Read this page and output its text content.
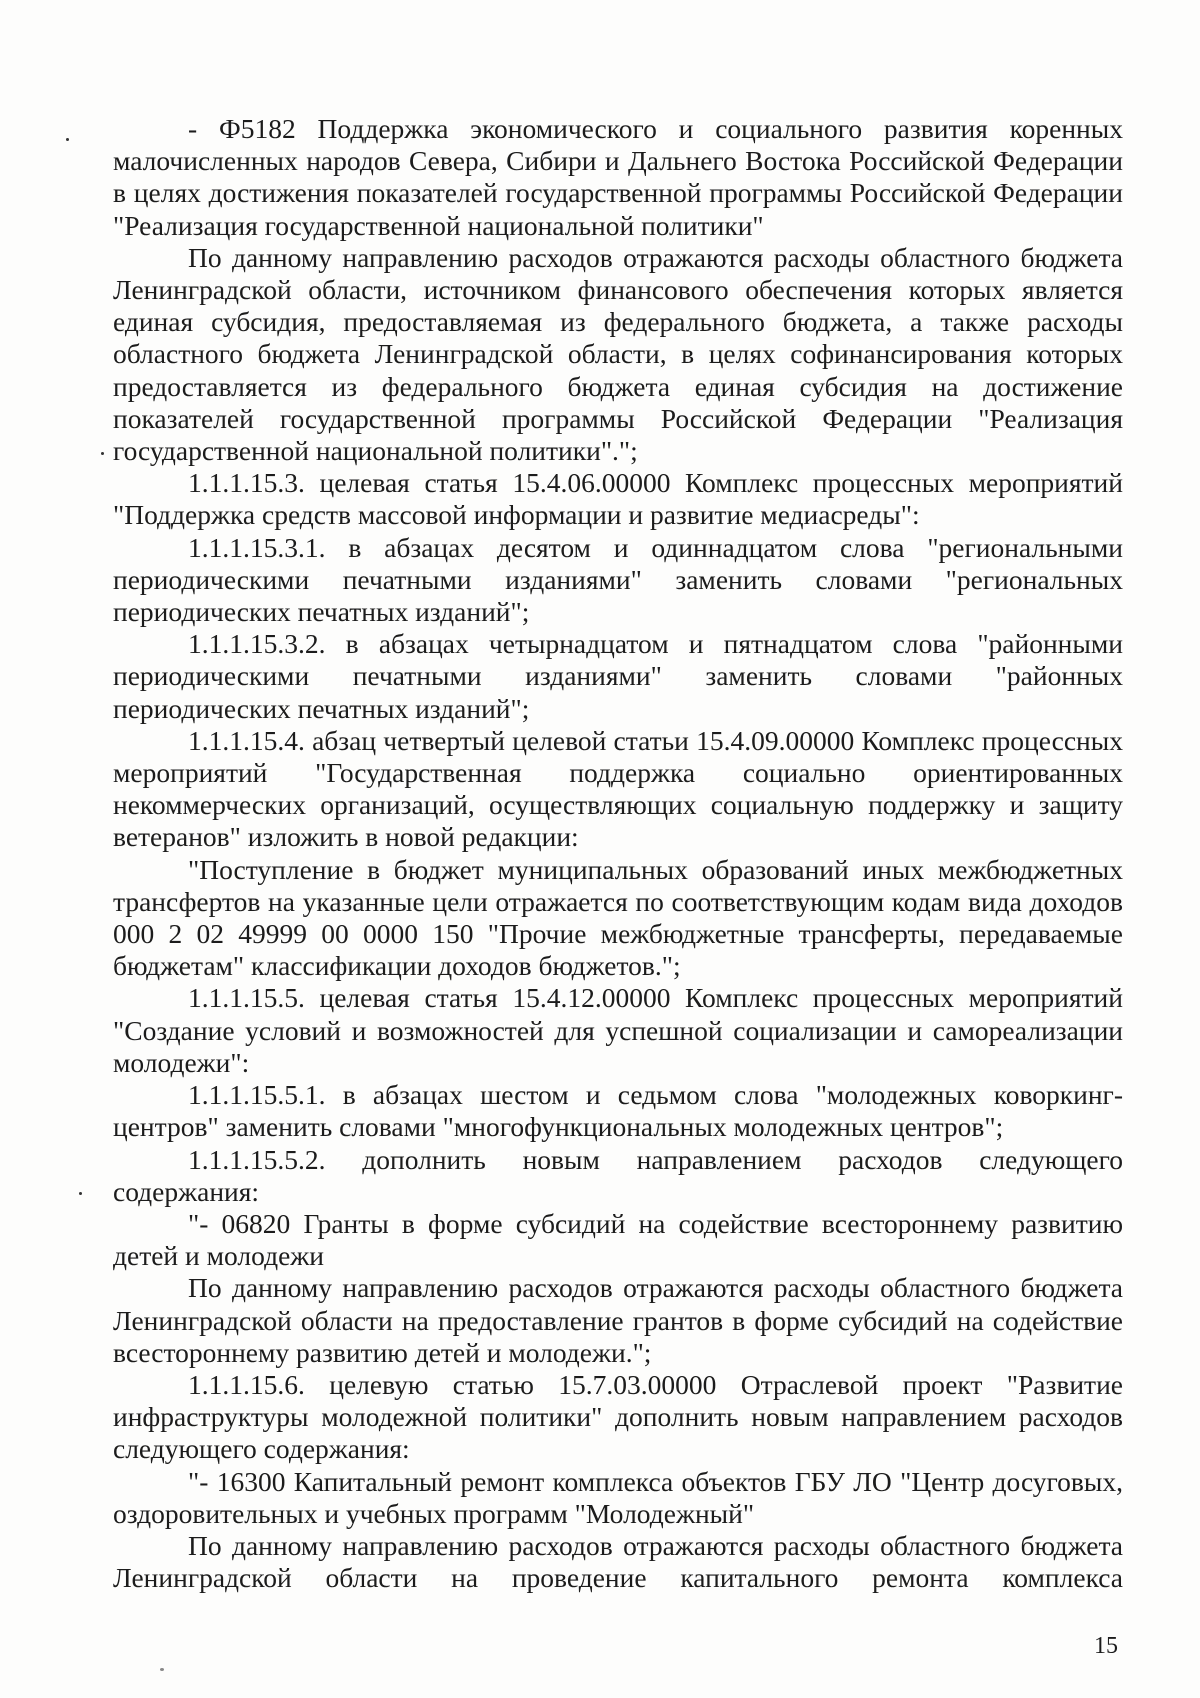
- Ф5182 Поддержка экономического и социального развития коренных малочисленных народов Севера, Сибири и Дальнего Востока Российской Федерации в целях достижения показателей государственной программы Российской Федерации "Реализация государственной национальной политики"

По данному направлению расходов отражаются расходы областного бюджета Ленинградской области, источником финансового обеспечения которых является единая субсидия, предоставляемая из федерального бюджета, а также расходы областного бюджета Ленинградской области, в целях софинансирования которых предоставляется из федерального бюджета единая субсидия на достижение показателей государственной программы Российской Федерации "Реализация государственной национальной политики".";

1.1.1.15.3. целевая статья 15.4.06.00000 Комплекс процессных мероприятий "Поддержка средств массовой информации и развитие медиасреды":

1.1.1.15.3.1. в абзацах десятом и одиннадцатом слова "региональными периодическими печатными изданиями" заменить словами "региональных периодических печатных изданий";

1.1.1.15.3.2. в абзацах четырнадцатом и пятнадцатом слова "районными периодическими печатными изданиями" заменить словами "районных периодических печатных изданий";

1.1.1.15.4. абзац четвертый целевой статьи 15.4.09.00000 Комплекс процессных мероприятий "Государственная поддержка социально ориентированных некоммерческих организаций, осуществляющих социальную поддержку и защиту ветеранов" изложить в новой редакции:

"Поступление в бюджет муниципальных образований иных межбюджетных трансфертов на указанные цели отражается по соответствующим кодам вида доходов 000 2 02 49999 00 0000 150 "Прочие межбюджетные трансферты, передаваемые бюджетам" классификации доходов бюджетов.";

1.1.1.15.5. целевая статья 15.4.12.00000 Комплекс процессных мероприятий "Создание условий и возможностей для успешной социализации и самореализации молодежи":

1.1.1.15.5.1. в абзацах шестом и седьмом слова "молодежных коворкинг-центров" заменить словами "многофункциональных молодежных центров";

1.1.1.15.5.2. дополнить новым направлением расходов следующего содержания:

"- 06820 Гранты в форме субсидий на содействие всестороннему развитию детей и молодежи

По данному направлению расходов отражаются расходы областного бюджета Ленинградской области на предоставление грантов в форме субсидий на содействие всестороннему развитию детей и молодежи.";

1.1.1.15.6. целевую статью 15.7.03.00000 Отраслевой проект "Развитие инфраструктуры молодежной политики" дополнить новым направлением расходов следующего содержания:

"- 16300 Капитальный ремонт комплекса объектов ГБУ ЛО "Центр досуговых, оздоровительных и учебных программ "Молодежный"

По данному направлению расходов отражаются расходы областного бюджета Ленинградской области на проведение капитального ремонта комплекса

15
